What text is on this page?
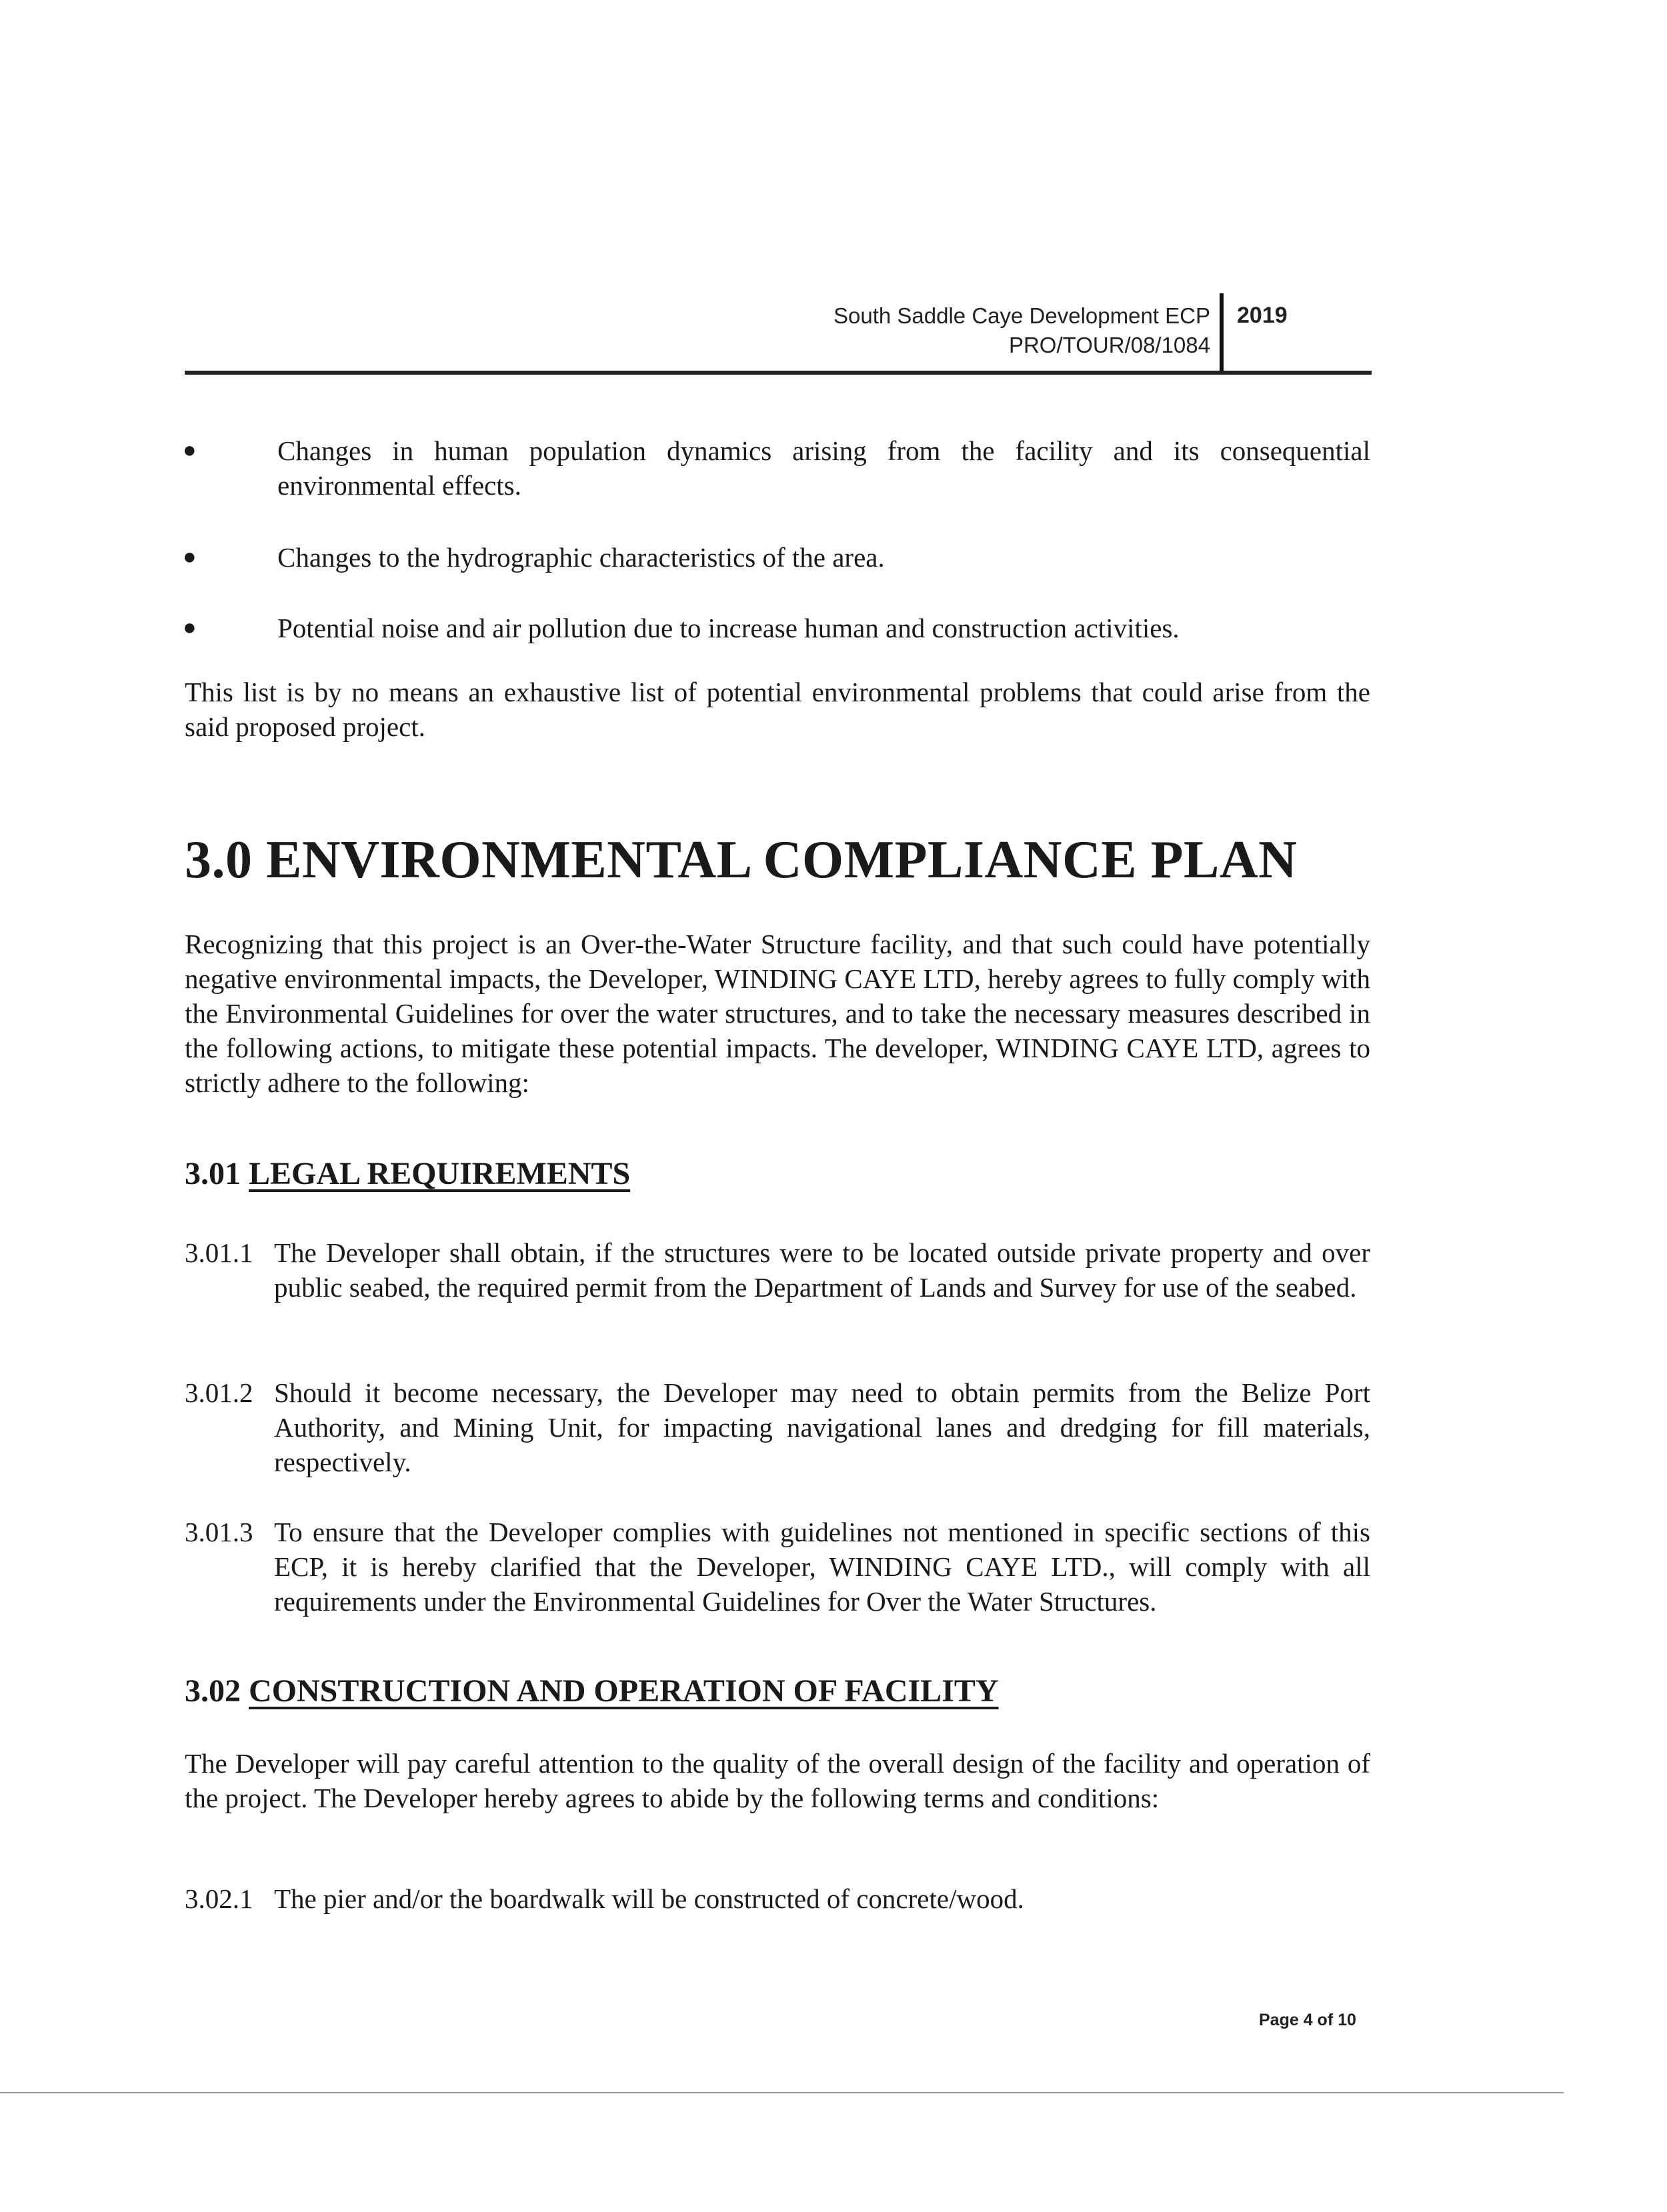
South Saddle Caye Development ECP
PRO/TOUR/08/1084
2019
●	Changes in human population dynamics arising from the facility and its consequential environmental effects.
●	Changes to the hydrographic characteristics of the area.
●	Potential noise and air pollution due to increase human and construction activities.
This list is by no means an exhaustive list of potential environmental problems that could arise from the said proposed project.
3.0 ENVIRONMENTAL COMPLIANCE PLAN
Recognizing that this project is an Over-the-Water Structure facility, and that such could have potentially negative environmental impacts, the Developer, WINDING CAYE LTD, hereby agrees to fully comply with the Environmental Guidelines for over the water structures, and to take the necessary measures described in the following actions, to mitigate these potential impacts. The developer, WINDING CAYE LTD, agrees to strictly adhere to the following:
3.01 LEGAL REQUIREMENTS
3.01.1 The Developer shall obtain, if the structures were to be located outside private property and over public seabed, the required permit from the Department of Lands and Survey for use of the seabed.
3.01.2 Should it become necessary, the Developer may need to obtain permits from the Belize Port Authority, and Mining Unit, for impacting navigational lanes and dredging for fill materials, respectively.
3.01.3 To ensure that the Developer complies with guidelines not mentioned in specific sections of this ECP, it is hereby clarified that the Developer, WINDING CAYE LTD., will comply with all requirements under the Environmental Guidelines for Over the Water Structures.
3.02 CONSTRUCTION AND OPERATION OF FACILITY
The Developer will pay careful attention to the quality of the overall design of the facility and operation of the project. The Developer hereby agrees to abide by the following terms and conditions:
3.02.1 The pier and/or the boardwalk will be constructed of concrete/wood.
Page 4 of 10
